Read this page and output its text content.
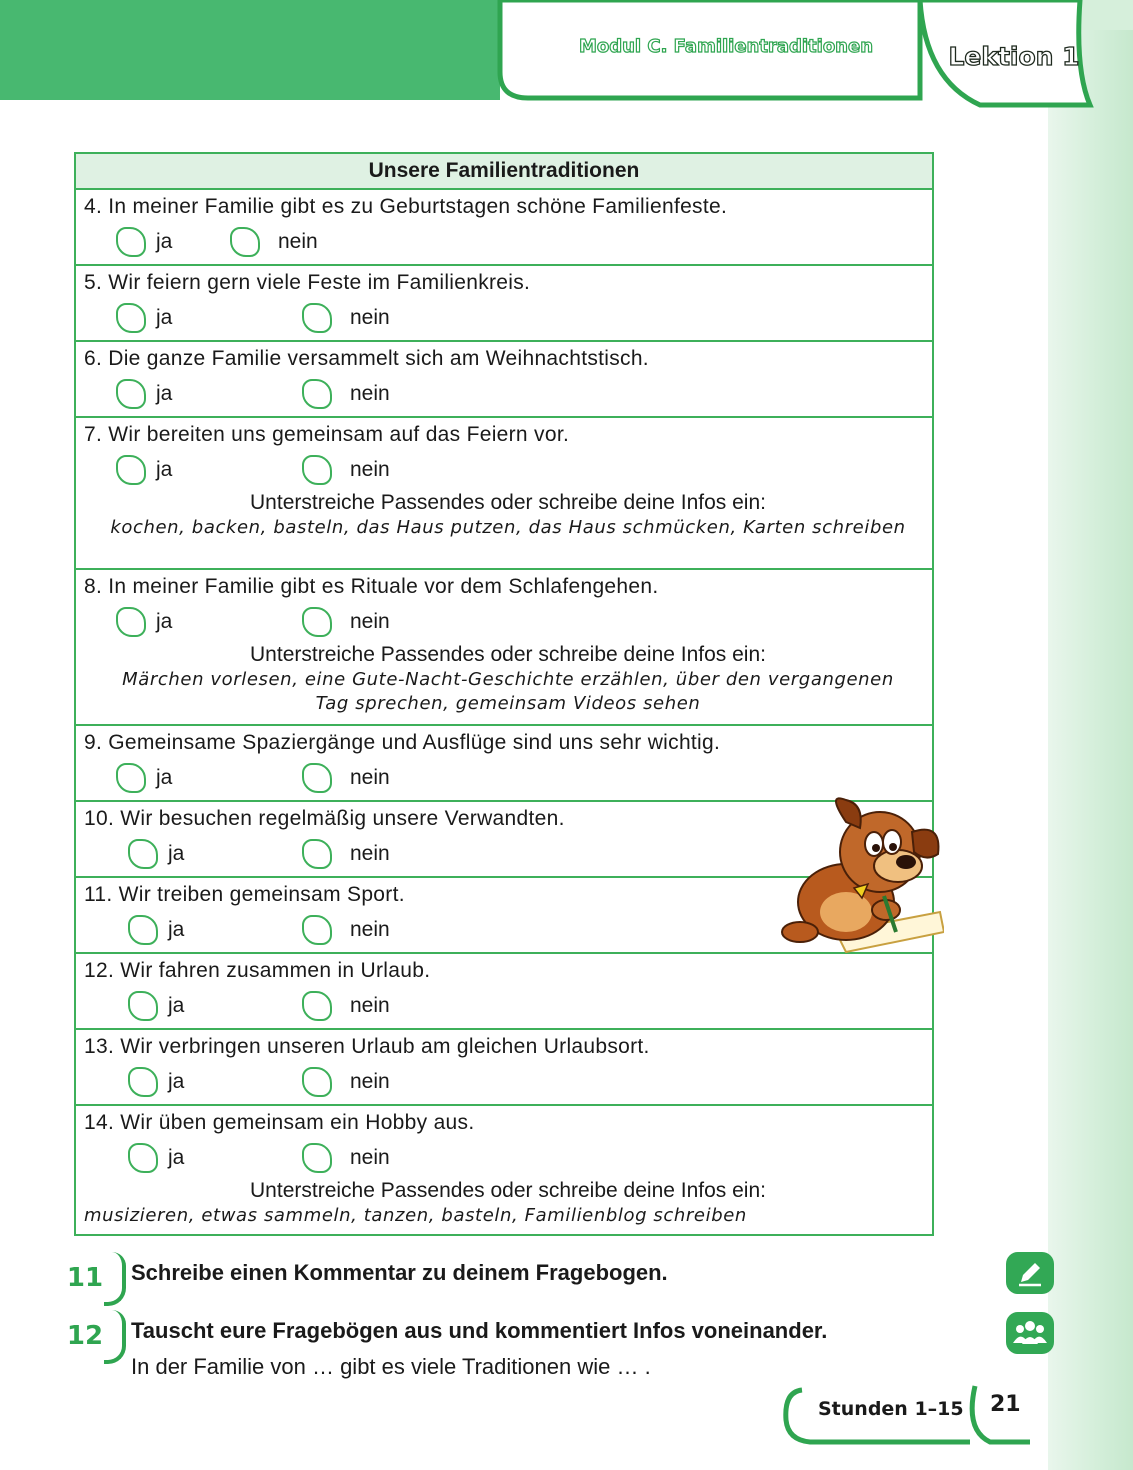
Modul C. Familientraditionen	Lektion 1
Unsere Familientraditionen
4. In meiner Familie gibt es zu Geburtstagen schöne Familienfeste.
ja	nein
5. Wir feiern gern viele Feste im Familienkreis.
ja	nein
6. Die ganze Familie versammelt sich am Weihnachtstisch.
ja	nein
7. Wir bereiten uns gemeinsam auf das Feiern vor.
ja	nein
Unterstreiche Passendes oder schreibe deine Infos ein:
kochen, backen, basteln, das Haus putzen, das Haus schmücken, Karten schreiben
8. In meiner Familie gibt es Rituale vor dem Schlafengehen.
ja	nein
Unterstreiche Passendes oder schreibe deine Infos ein:
Märchen vorlesen, eine Gute-Nacht-Geschichte erzählen, über den vergangenen Tag sprechen, gemeinsam Videos sehen
9. Gemeinsame Spaziergänge und Ausflüge sind uns sehr wichtig.
ja	nein
10. Wir besuchen regelmäßig unsere Verwandten.
ja	nein
11. Wir treiben gemeinsam Sport.
ja	nein
12. Wir fahren zusammen in Urlaub.
ja	nein
13. Wir verbringen unseren Urlaub am gleichen Urlaubsort.
ja	nein
14. Wir üben gemeinsam ein Hobby aus.
ja	nein
Unterstreiche Passendes oder schreibe deine Infos ein:
musizieren, etwas sammeln, tanzen, basteln, Familienblog schreiben
11	Schreibe einen Kommentar zu deinem Fragebogen.
12	Tauscht eure Fragebögen aus und kommentiert Infos voneinander.
In der Familie von … gibt es viele Traditionen wie … .
Stunden 1–15 21
